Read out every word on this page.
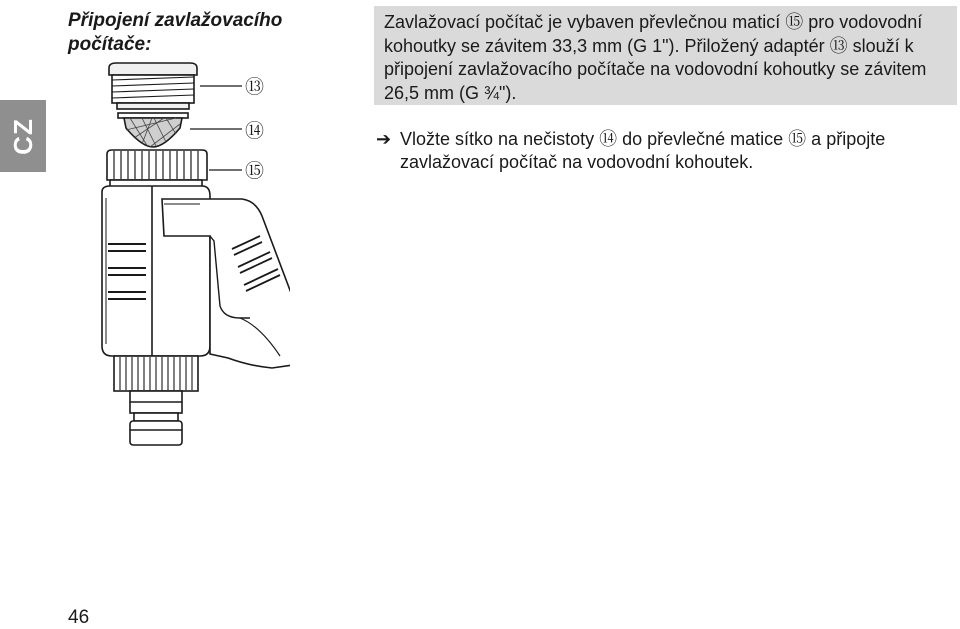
CZ
Připojení zavlažovacího počítače:
⑬
⑭
⑮
Zavlažovací počítač je vybaven převlečnou maticí ⑮ pro vodovodní kohoutky se závitem 33,3 mm (G 1"). Přiložený adaptér ⑬ slouží k připojení zavlažovacího počítače na vodovodní kohoutky se závitem 26,5 mm (G ¾").
➔ Vložte sítko na nečistoty ⑭ do převlečné matice ⑮ a připojte zavlažovací počítač na vodovodní kohoutek.
46
